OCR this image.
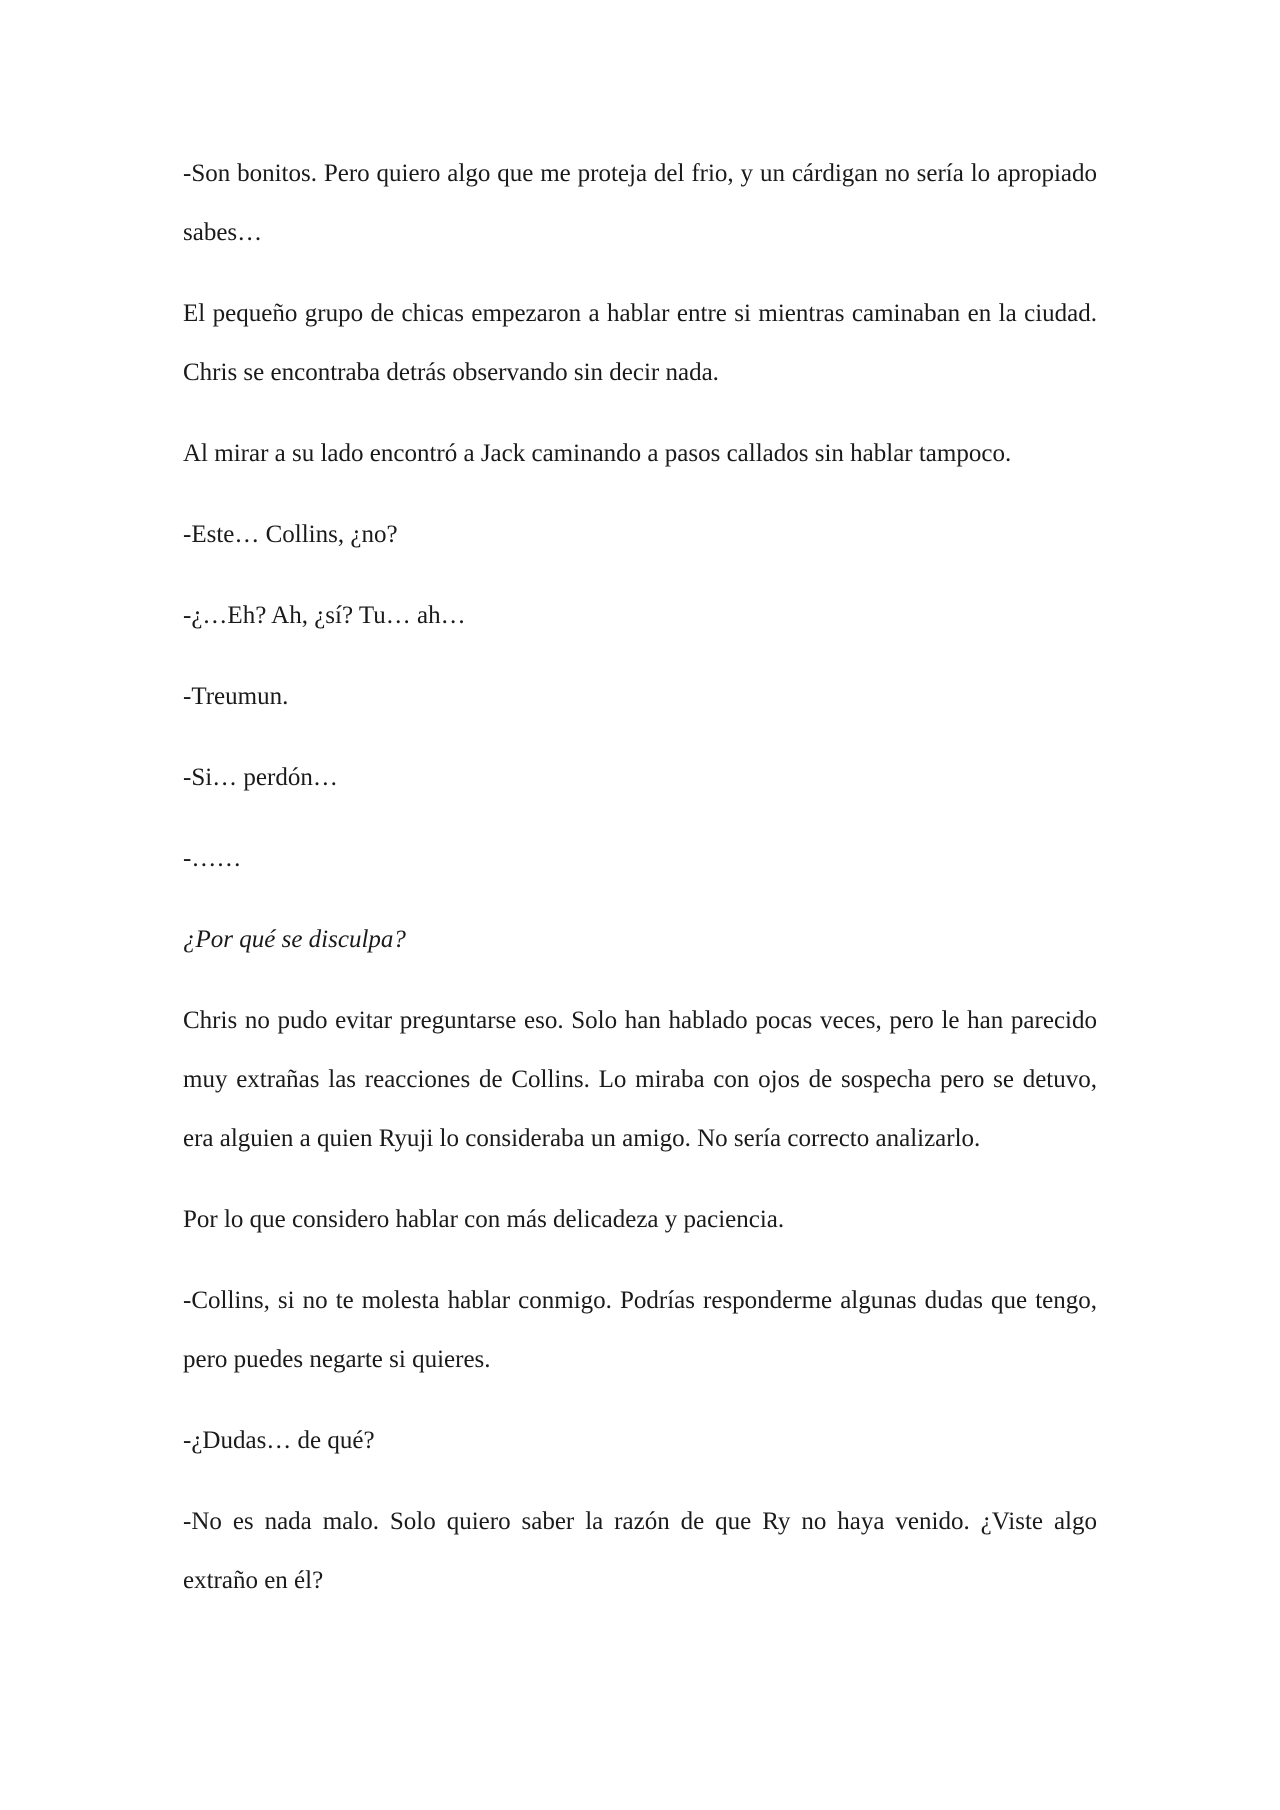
-Son bonitos. Pero quiero algo que me proteja del frio, y un cárdigan no sería lo apropiado sabes…

El pequeño grupo de chicas empezaron a hablar entre si mientras caminaban en la ciudad. Chris se encontraba detrás observando sin decir nada.

Al mirar a su lado encontró a Jack caminando a pasos callados sin hablar tampoco.

-Este… Collins, ¿no?

-¿…Eh? Ah, ¿sí? Tu… ah…

-Treumun.

-Si… perdón…

-……

¿Por qué se disculpa?

Chris no pudo evitar preguntarse eso. Solo han hablado pocas veces, pero le han parecido muy extrañas las reacciones de Collins. Lo miraba con ojos de sospecha pero se detuvo, era alguien a quien Ryuji lo consideraba un amigo. No sería correcto analizarlo.

Por lo que considero hablar con más delicadeza y paciencia.

-Collins, si no te molesta hablar conmigo. Podrías responderme algunas dudas que tengo, pero puedes negarte si quieres.

-¿Dudas… de qué?

-No es nada malo. Solo quiero saber la razón de que Ry no haya venido. ¿Viste algo extraño en él?
